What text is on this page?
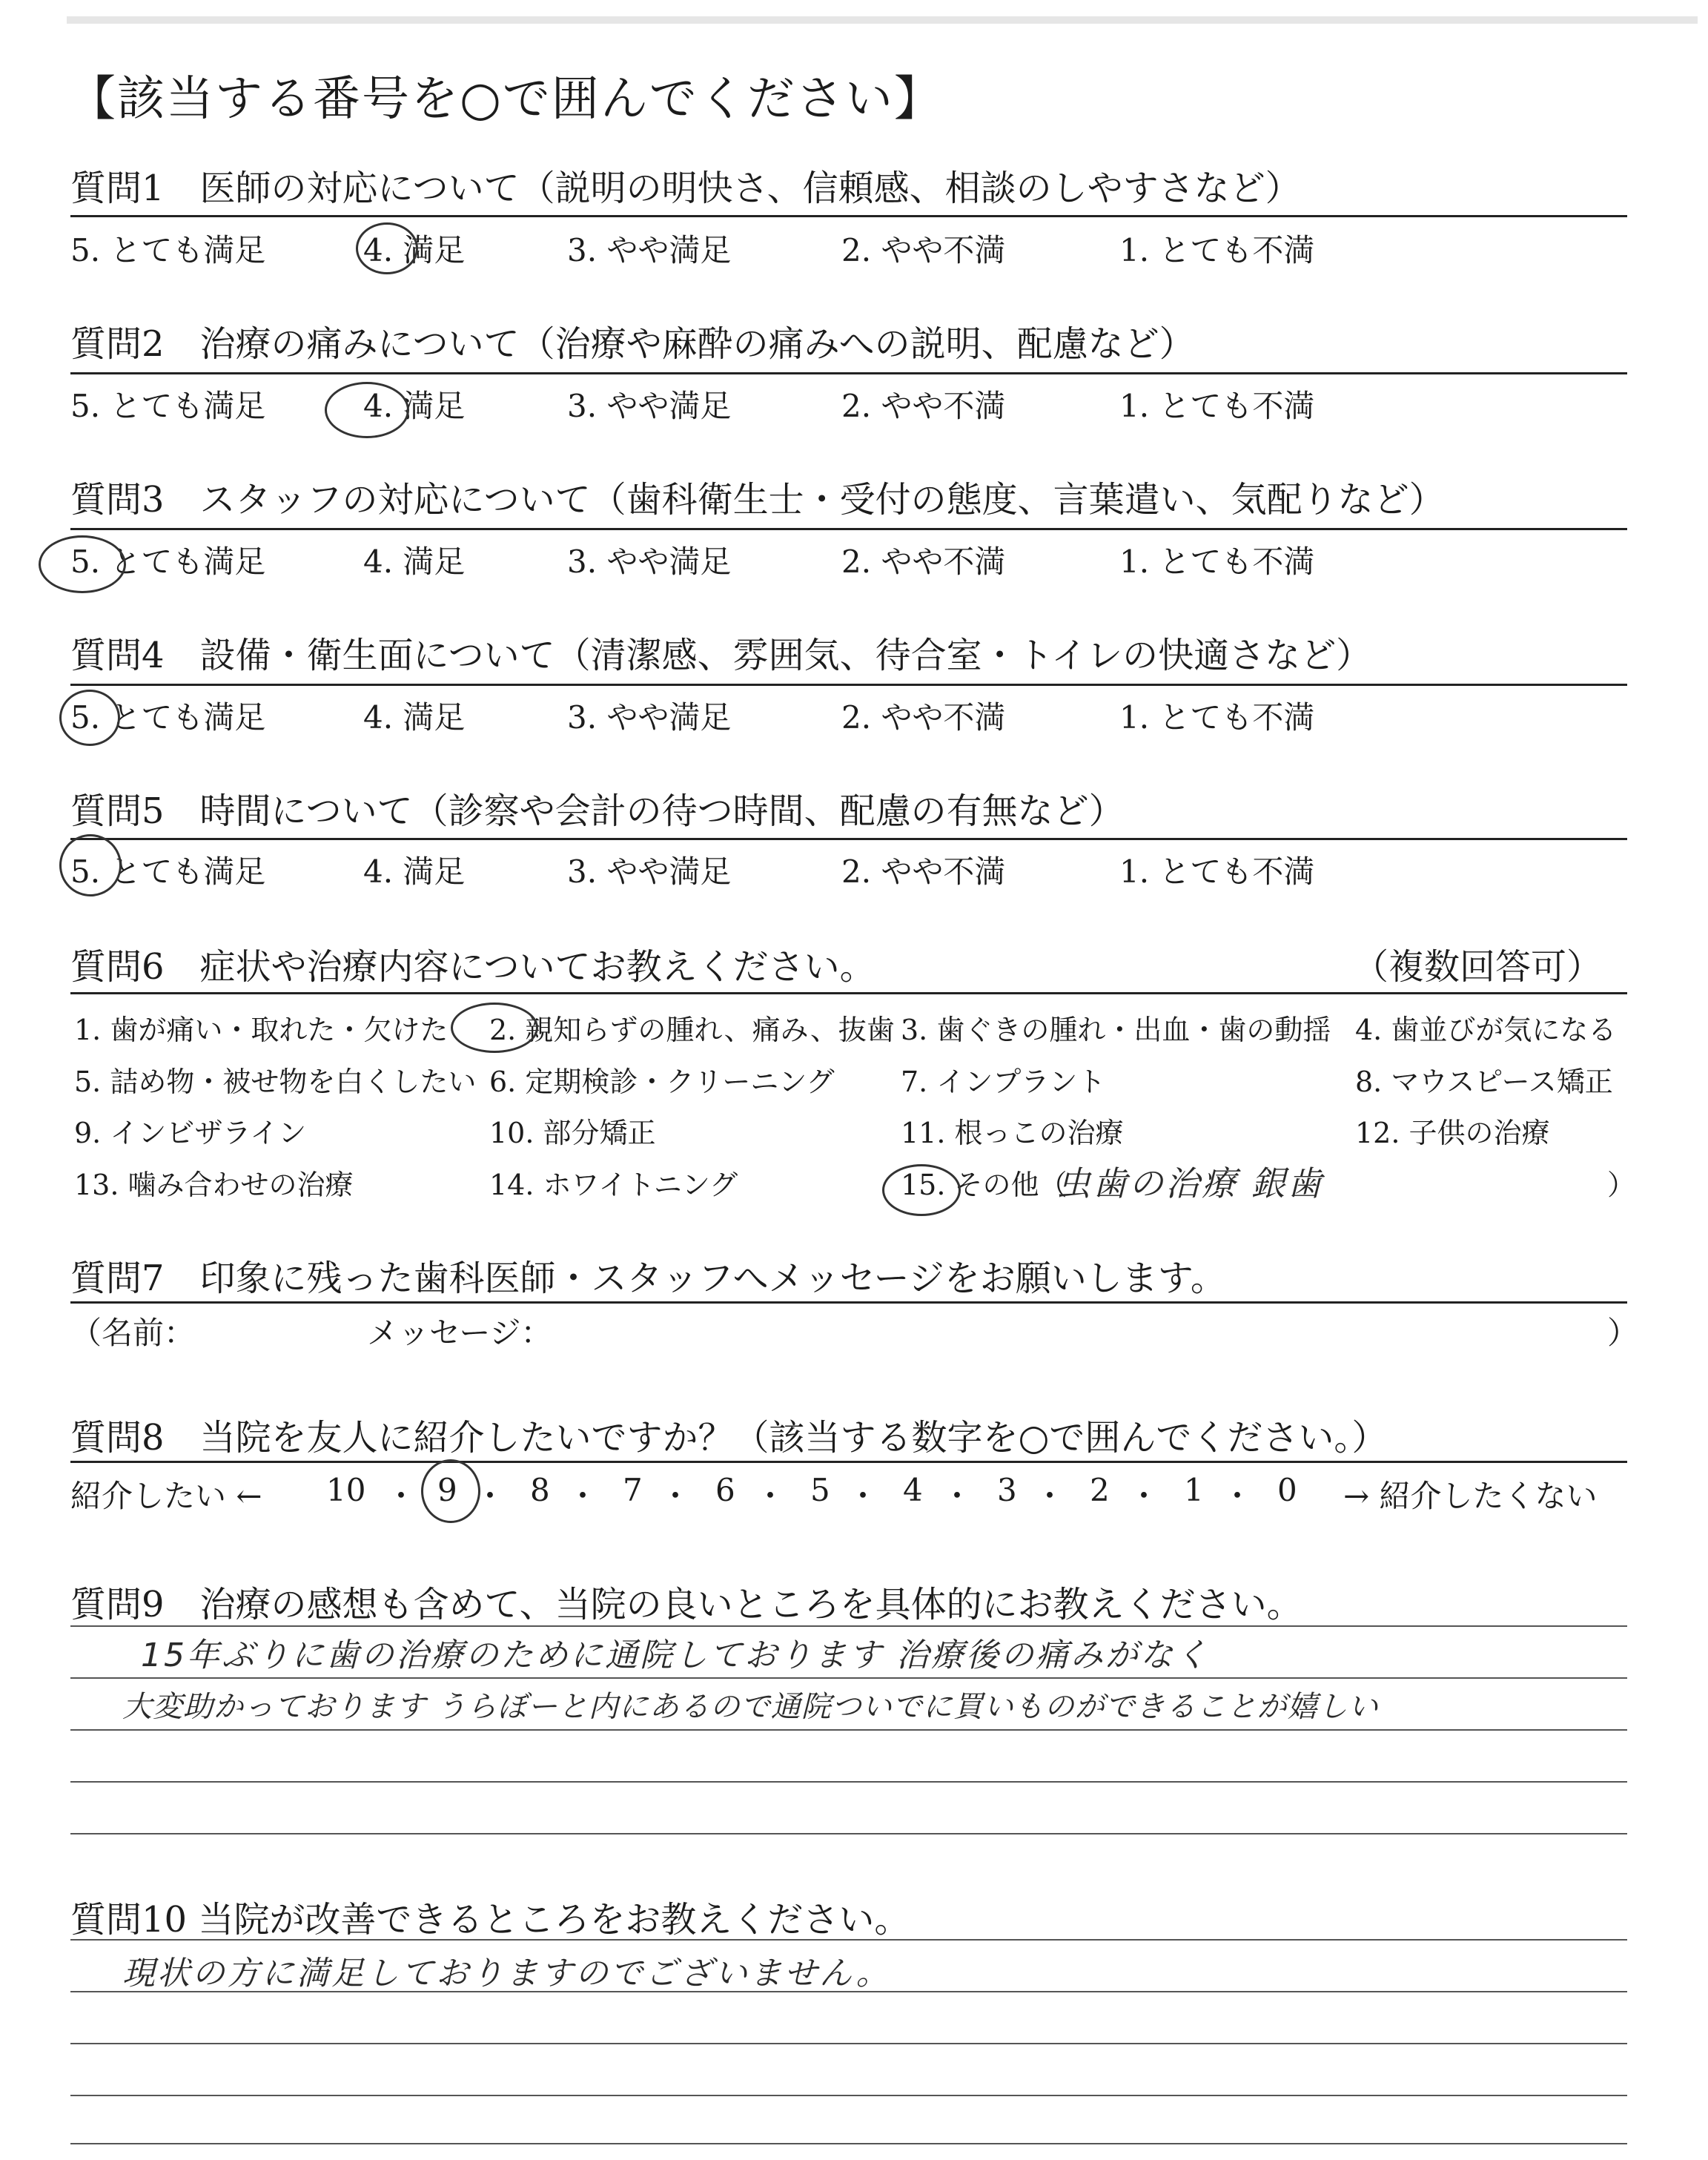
【該当する番号を○で囲んでください】
質問1　医師の対応について（説明の明快さ、信頼感、相談のしやすさなど）
5. とても満足	4. 満足	3. やや満足	2. やや不満	1. とても不満
質問2　治療の痛みについて（治療や麻酔の痛みへの説明、配慮など）
5. とても満足	4. 満足	3. やや満足	2. やや不満	1. とても不満
質問3　スタッフの対応について（歯科衛生士・受付の態度、言葉遣い、気配りなど）
5. とても満足	4. 満足	3. やや満足	2. やや不満	1. とても不満
質問4　設備・衛生面について（清潔感、雰囲気、待合室・トイレの快適さなど）
5. とても満足	4. 満足	3. やや満足	2. やや不満	1. とても不満
質問5　時間について（診察や会計の待つ時間、配慮の有無など）
5. とても満足	4. 満足	3. やや満足	2. やや不満	1. とても不満
質問6　症状や治療内容についてお教えください。	（複数回答可）
1. 歯が痛い・取れた・欠けた 2. 親知らずの腫れ、痛み、抜歯 3. 歯ぐきの腫れ・出血・歯の動揺 4. 歯並びが気になる
5. 詰め物・被せ物を白くしたい 6. 定期検診・クリーニング 7. インプラント	8. マウスピース矯正
9. インビザライン	10. 部分矯正	11. 根っこの治療	12. 子供の治療
13. 噛み合わせの治療	14. ホワイトニング	15. その他（
虫歯の治療 銀歯	）
質問7　印象に残った歯科医師・スタッフへメッセージをお願いします。
（名前：	メッセージ：	）
質問8　当院を友人に紹介したいですか？（該当する数字を○で囲んでください。）
紹介したい ←	→ 紹介したくない
10 9 8 7 6 5 4 3 2 1 0
・ ・ ・ ・ ・ ・ ・ ・ ・ ・
質問9　治療の感想も含めて、当院の良いところを具体的にお教えください。
15年ぶりに歯の治療のために通院しております 治療後の痛みがなく
大変助かっております うらぼーと内にあるので通院ついでに買いものができることが嬉しい
質問10 当院が改善できるところをお教えください。
現状の方に満足しておりますのでございません。
